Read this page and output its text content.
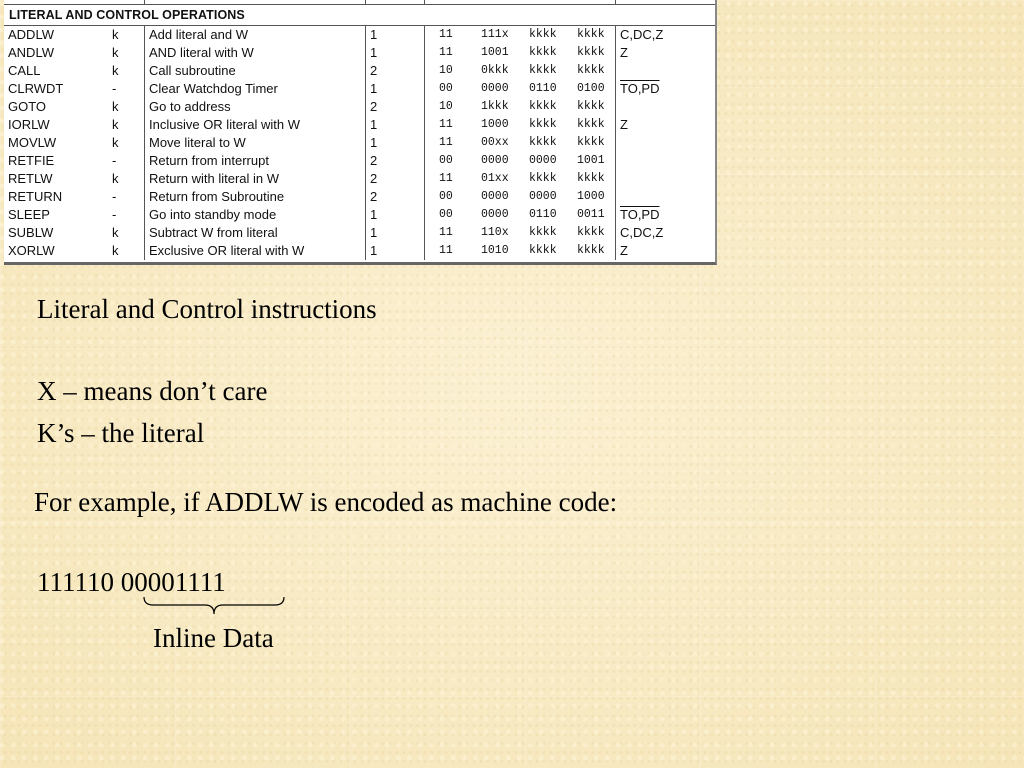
LITERAL AND CONTROL OPERATIONS								
ADDLW	k	Add literal and W	1	11	111x	kkkk	kkkk	C,DC,Z
ANDLW	k	AND literal with W	1	11	1001	kkkk	kkkk	Z
CALL	k	Call subroutine	2	10	0kkk	kkkk	kkkk	
CLRWDT	-	Clear Watchdog Timer	1	00	0000	0110	0100	TO,PD
GOTO	k	Go to address	2	10	1kkk	kkkk	kkkk	
IORLW	k	Inclusive OR literal with W	1	11	1000	kkkk	kkkk	Z
MOVLW	k	Move literal to W	1	11	00xx	kkkk	kkkk	
RETFIE	-	Return from interrupt	2	00	0000	0000	1001	
RETLW	k	Return with literal in W	2	11	01xx	kkkk	kkkk	
RETURN	-	Return from Subroutine	2	00	0000	0000	1000	
SLEEP	-	Go into standby mode	1	00	0000	0110	0011	TO,PD
SUBLW	k	Subtract W from literal	1	11	110x	kkkk	kkkk	C,DC,Z
XORLW	k	Exclusive OR literal with W	1	11	1010	kkkk	kkkk	Z
Literal and Control instructions
X – means don’t care
K’s – the literal
For example, if ADDLW is encoded as machine code:
111110 00001111
Inline Data
